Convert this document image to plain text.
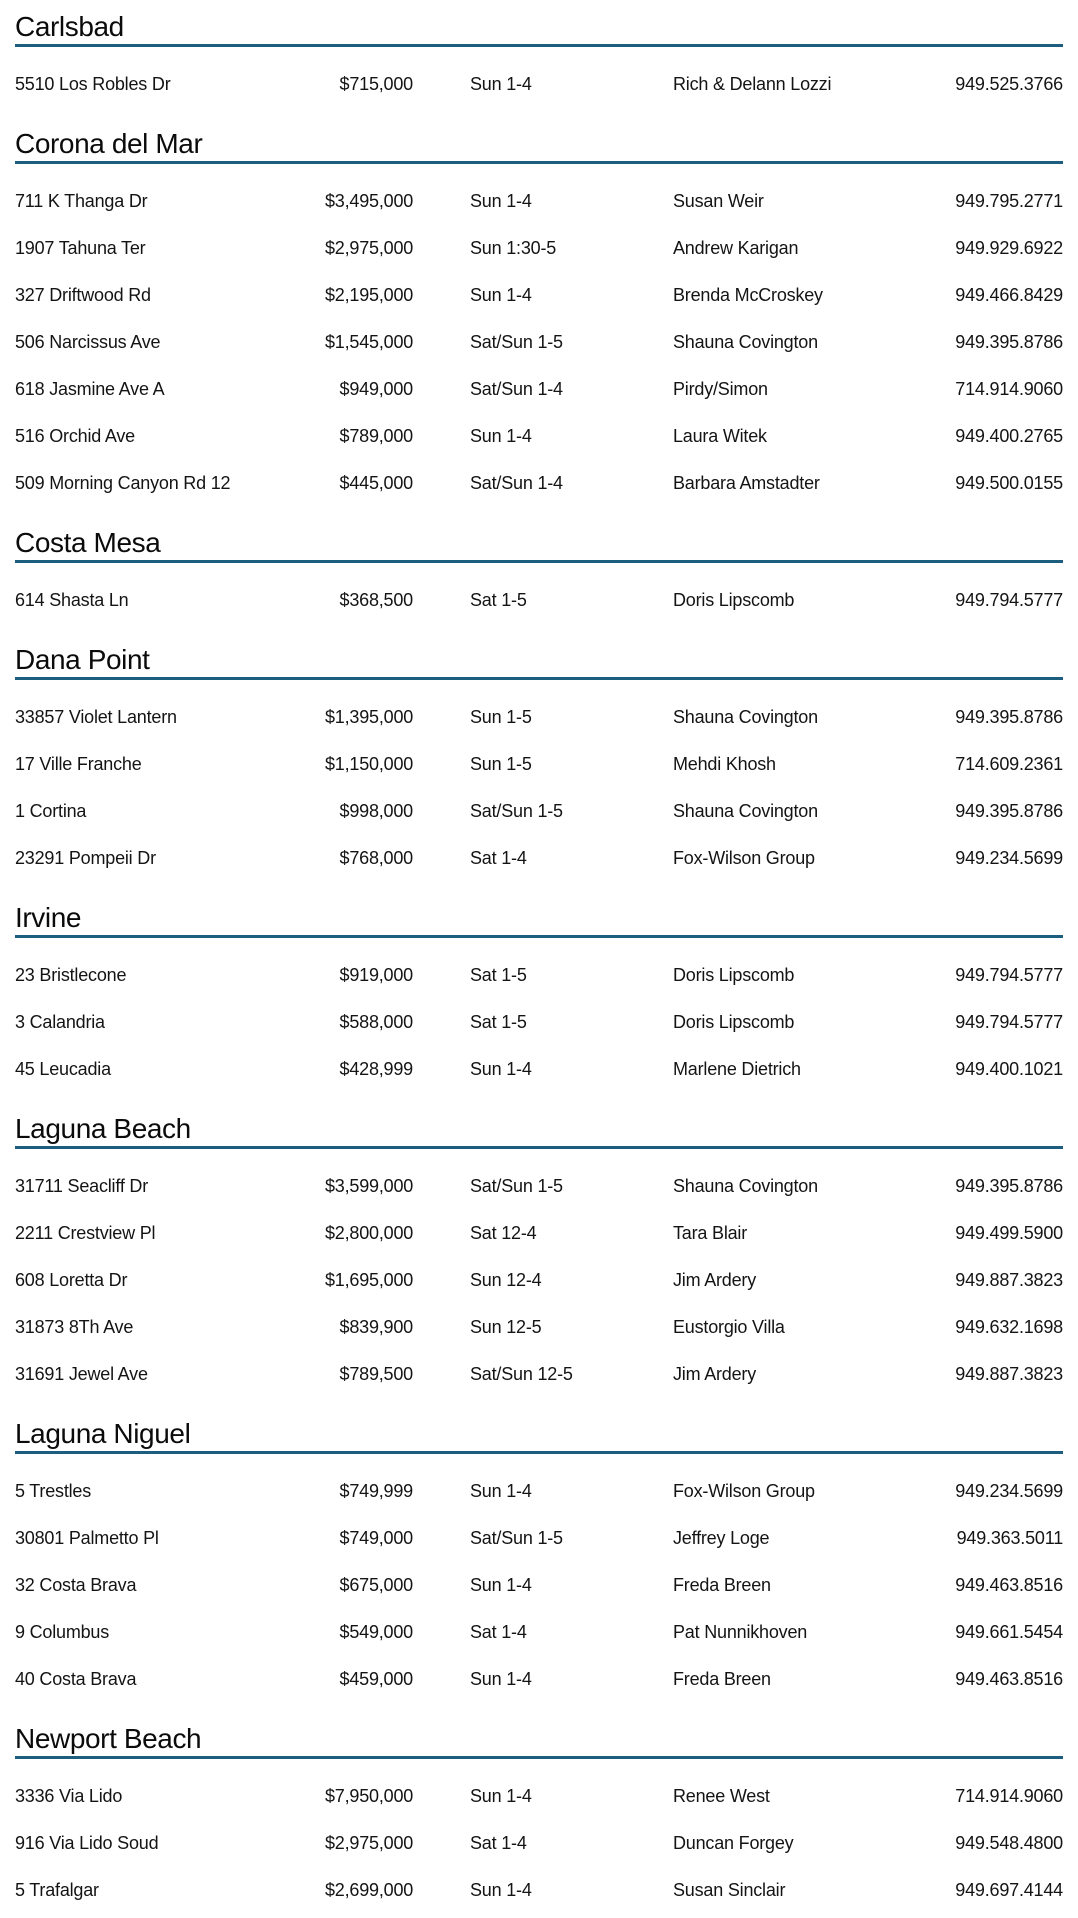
Carlsbad
5510 Los Robles Dr	$715,000	Sun 1-4	Rich & Delann Lozzi	949.525.3766
Corona del Mar
711 K Thanga Dr	$3,495,000	Sun 1-4	Susan Weir	949.795.2771
1907 Tahuna Ter	$2,975,000	Sun 1:30-5	Andrew Karigan	949.929.6922
327 Driftwood Rd	$2,195,000	Sun 1-4	Brenda McCroskey	949.466.8429
506 Narcissus Ave	$1,545,000	Sat/Sun 1-5	Shauna Covington	949.395.8786
618 Jasmine Ave A	$949,000	Sat/Sun 1-4	Pirdy/Simon	714.914.9060
516 Orchid Ave	$789,000	Sun 1-4	Laura Witek	949.400.2765
509 Morning Canyon Rd 12	$445,000	Sat/Sun 1-4	Barbara Amstadter	949.500.0155
Costa Mesa
614 Shasta Ln	$368,500	Sat 1-5	Doris Lipscomb	949.794.5777
Dana Point
33857 Violet Lantern	$1,395,000	Sun 1-5	Shauna Covington	949.395.8786
17 Ville Franche	$1,150,000	Sun 1-5	Mehdi Khosh	714.609.2361
1 Cortina	$998,000	Sat/Sun 1-5	Shauna Covington	949.395.8786
23291 Pompeii Dr	$768,000	Sat 1-4	Fox-Wilson Group	949.234.5699
Irvine
23 Bristlecone	$919,000	Sat 1-5	Doris Lipscomb	949.794.5777
3 Calandria	$588,000	Sat 1-5	Doris Lipscomb	949.794.5777
45 Leucadia	$428,999	Sun 1-4	Marlene Dietrich	949.400.1021
Laguna Beach
31711 Seacliff Dr	$3,599,000	Sat/Sun 1-5	Shauna Covington	949.395.8786
2211 Crestview Pl	$2,800,000	Sat 12-4	Tara Blair	949.499.5900
608 Loretta Dr	$1,695,000	Sun 12-4	Jim Ardery	949.887.3823
31873 8Th Ave	$839,900	Sun 12-5	Eustorgio Villa	949.632.1698
31691 Jewel Ave	$789,500	Sat/Sun 12-5	Jim Ardery	949.887.3823
Laguna Niguel
5 Trestles	$749,999	Sun 1-4	Fox-Wilson Group	949.234.5699
30801 Palmetto Pl	$749,000	Sat/Sun 1-5	Jeffrey Loge	949.363.5011
32 Costa Brava	$675,000	Sun 1-4	Freda Breen	949.463.8516
9 Columbus	$549,000	Sat 1-4	Pat Nunnikhoven	949.661.5454
40 Costa Brava	$459,000	Sun 1-4	Freda Breen	949.463.8516
Newport Beach
3336 Via Lido	$7,950,000	Sun 1-4	Renee West	714.914.9060
916 Via Lido Soud	$2,975,000	Sat 1-4	Duncan Forgey	949.548.4800
5 Trafalgar	$2,699,000	Sun 1-4	Susan Sinclair	949.697.4144
